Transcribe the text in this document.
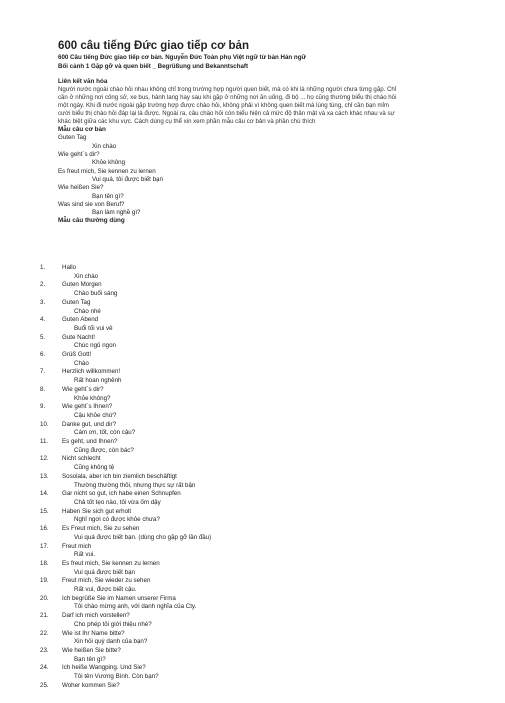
600 câu tiếng Đức giao tiếp cơ bản
600 Câu tiếng Đức giao tiếp cơ bản. Nguyễn Đức Toàn phụ Việt ngữ từ bản Hán ngữ
Bối cảnh 1 Gặp gỡ và quen biết _ Begrüßung und Bekanntschaft
Liên kết văn hóa

Người nước ngoài chào hỏi nhau không chỉ trong trường hợp người quen biết, mà có khi là những người chưa từng gặp. Chỉ

cần ở những nơi công sở, xe bus, hành lang hay sau khi gặp ở những nơi ăn uống, đi bộ ... họ cũng thường biểu thị chào hỏi

một ngày. Khi đi nước ngoài gặp trường hợp được chào hỏi, không phải vì không quen biết mà lúng túng, chỉ cần bạn mỉm

cười biểu thị chào hỏi đáp lại là được. Ngoài ra, câu chào hỏi còn biểu hiện cả mức độ thân mật và xa cách khác nhau và sự

khác biệt giữa các khu vực. Cách dùng cụ thể xin xem phần mẫu câu cơ bản và phần chú thích

Mẫu câu cơ bản
Guten Tag
Xin chào
Wie geht´s dir?
Khỏe không
Es freut mich, Sie kennen zu lernen
Vui quá, tôi được biết bạn
Wie heißen Sie?
Bạn tên gì?
Was sind sie von Beruf?
Bạn làm nghề gì?
Mẫu câu thường dùng
1.	Hallo
Xin chào
2.	Guten Morgen
Chào buổi sáng
3.	Guten Tag
Chào nhé
4.	Guten Abend
Buổi tối vui vẻ
5.	Gute Nacht!
Chúc ngủ ngon
6.	Grüß Gott!
Chào
7.	Herzlich willkommen!
Rất hoan nghênh
8.	Wie geht´s dir?
Khỏe không?
9.	Wie geht´s Ihnen?
Cậu khỏe chứ?
10.	Danke gut, und dir?
Cám ơn, tốt, còn cậu?
11.	Es geht, und Ihnen?
Cũng được, còn bác?
12.	Nicht schlecht
Cũng không tệ
13.	Sosolala, aber ich bin ziemlich beschäftigt
Thường thường thôi, nhưng thực sự rất bận
14.	Gar nicht so gut, ich habe einen Schnupfen
Chả tốt tẹo nào, tôi vừa ốm dậy
15.	Haben Sie sich gut erholt
Nghỉ ngơi có được khỏe chưa?
16.	Es Freut mich, Sie zu sehen
Vui quá được biết bạn. (dùng cho gặp gỡ lần đầu)
17.	Freut mich
Rất vui.
18.	Es freut mich, Sie kennen zu lernen
Vui quá được biết bạn
19.	Freut mich, Sie wieder zu sehen
Rất vui, được biết cậu.
20.	Ich begrüße Sie im Namen unserer Firma
Tôi chào mừng anh, với danh nghĩa của Cty.
21.	Darf ich mich vorstellen?
Cho phép tôi giới thiệu nhé?
22.	Wie ist Ihr Name bitte?
Xin hỏi quý danh của bạn?
23.	Wie heißen Sie bitte?
Bạn tên gì?
24.	Ich heiße Wangping. Und Sie?
Tôi tên Vương Bình. Còn bạn?
25.	Woher kommen Sie?
